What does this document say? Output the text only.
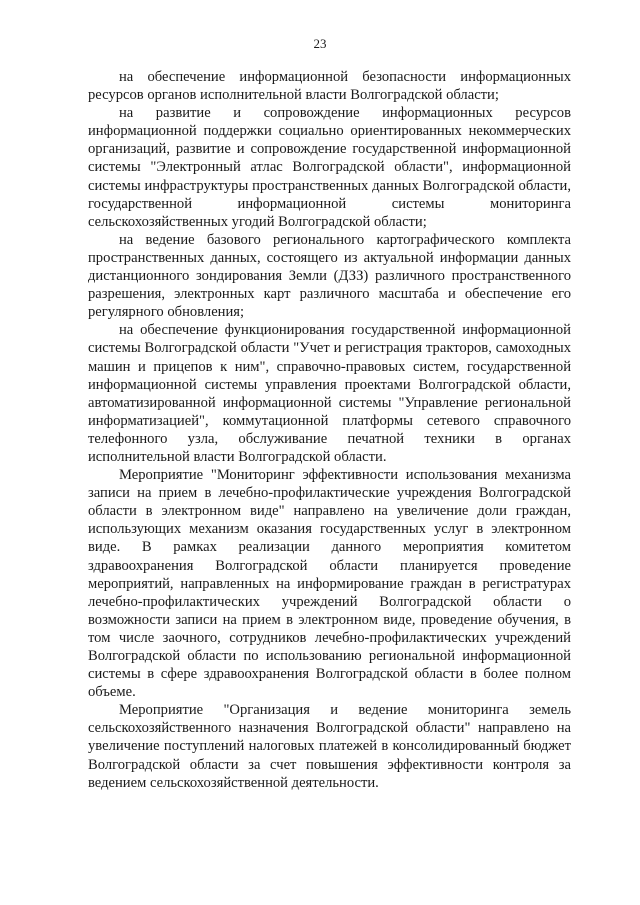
23

на обеспечение информационной безопасности информационных ресурсов органов исполнительной власти Волгоградской области;

на развитие и сопровождение информационных ресурсов информационной поддержки социально ориентированных некоммерческих организаций, развитие и сопровождение государственной информационной системы "Электронный атлас Волгоградской области", информационной системы инфраструктуры пространственных данных Волгоградской области, государственной информационной системы мониторинга сельскохозяйственных угодий Волгоградской области;

на ведение базового регионального картографического комплекта пространственных данных, состоящего из актуальной информации данных дистанционного зондирования Земли (ДЗЗ) различного пространственного разрешения, электронных карт различного масштаба и обеспечение его регулярного обновления;

на обеспечение функционирования государственной информационной системы Волгоградской области "Учет и регистрация тракторов, самоходных машин и прицепов к ним", справочно-правовых систем, государственной информационной системы управления проектами Волгоградской области, автоматизированной информационной системы "Управление региональной информатизацией", коммутационной платформы сетевого справочного телефонного узла, обслуживание печатной техники в органах исполнительной власти Волгоградской области.

Мероприятие "Мониторинг эффективности использования механизма записи на прием в лечебно-профилактические учреждения Волгоградской области в электронном виде" направлено на увеличение доли граждан, использующих механизм оказания государственных услуг в электронном виде. В рамках реализации данного мероприятия комитетом здравоохранения Волгоградской области планируется проведение мероприятий, направленных на информирование граждан в регистратурах лечебно-профилактических учреждений Волгоградской области о возможности записи на прием в электронном виде, проведение обучения, в том числе заочного, сотрудников лечебно-профилактических учреждений Волгоградской области по использованию региональной информационной системы в сфере здравоохранения Волгоградской области в более полном объеме.

Мероприятие "Организация и ведение мониторинга земель сельскохозяйственного назначения Волгоградской области" направлено на увеличение поступлений налоговых платежей в консолидированный бюджет Волгоградской области за счет повышения эффективности контроля за ведением сельскохозяйственной деятельности.
